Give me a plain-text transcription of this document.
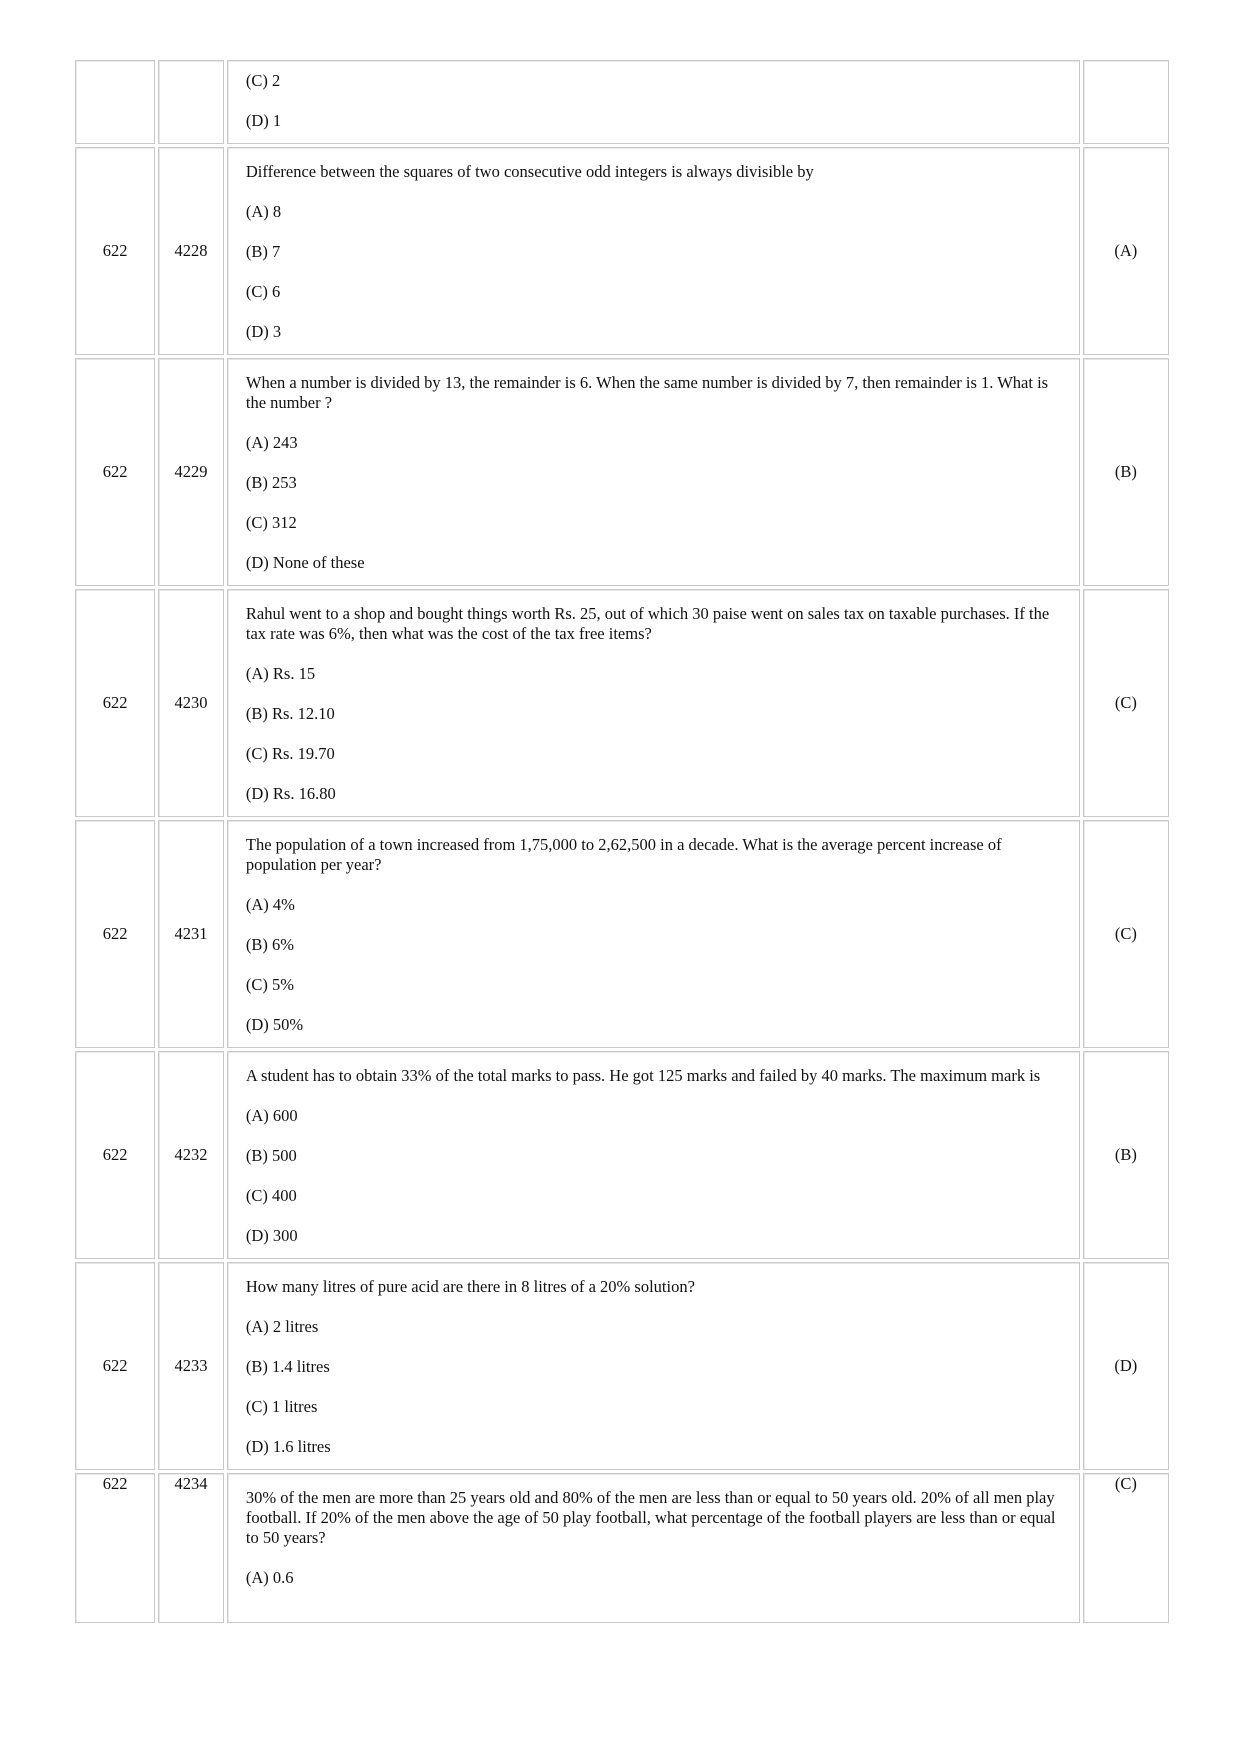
		(C) 2

(D) 1	

622	4228	Difference between the squares of two consecutive odd integers is always divisible by

(A) 8

(B) 7

(C) 6

(D) 3	(A)
622	4229	When a number is divided by 13, the remainder is 6. When the same number is divided by 7, then remainder is 1. What is the number ?

(A) 243

(B) 253

(C) 312

(D) None of these	(B)
622	4230	Rahul went to a shop and bought things worth Rs. 25, out of which 30 paise went on sales tax on taxable purchases. If the tax rate was 6%, then what was the cost of the tax free items?

(A) Rs. 15

(B) Rs. 12.10

(C) Rs. 19.70

(D) Rs. 16.80	(C)
622	4231	The population of a town increased from 1,75,000 to 2,62,500 in a decade. What is the average percent increase of population per year?

(A) 4%

(B) 6%

(C) 5%

(D) 50%	(C)
622	4232	A student has to obtain 33% of the total marks to pass. He got 125 marks and failed by 40 marks. The maximum mark is

(A) 600

(B) 500

(C) 400

(D) 300	(B)
622	4233	How many litres of pure acid are there in 8 litres of a 20% solution?

(A) 2 litres

(B) 1.4 litres

(C) 1 litres

(D) 1.6 litres	(D)
622	4234	30% of the men are more than 25 years old and 80% of the men are less than or equal to 50 years old. 20% of all men play football. If 20% of the men above the age of 50 play football, what percentage of the football players are less than or equal to 50 years?

(A) 0.6	(C)
